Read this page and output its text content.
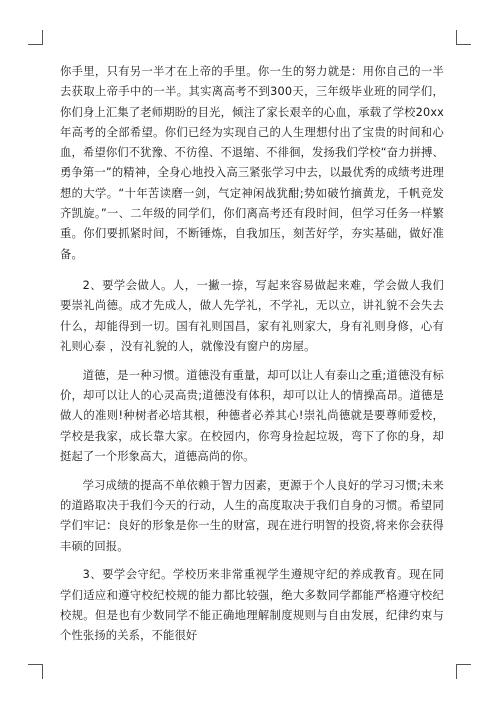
你手里，只有另一半才在上帝的手里。你一生的努力就是：用你自己的一半去获取上帝手中的一半。其实离高考不到300天，三年级毕业班的同学们，你们身上汇集了老师期盼的目光，倾注了家长艰辛的心血，承载了学校20xx年高考的全部希望。你们已经为实现自己的人生理想付出了宝贵的时间和心血，希望你们不犹豫、不彷徨、不退缩、不徘徊，发扬我们学校“奋力拼搏、勇争第一”的精神，全身心地投入高三紧张学习中去，以最优秀的成绩考进理想的大学。“十年苦读磨一剑，气定神闲战犹酣;势如破竹摘黄龙，千帆竞发齐凯旋。”一、二年级的同学们，你们离高考还有段时间，但学习任务一样繁重。你们要抓紧时间，不断锤炼，自我加压，刻苦好学，夯实基础，做好准备。

2、要学会做人。人，一撇一捺，写起来容易做起来难，学会做人我们要崇礼尚德。成才先成人，做人先学礼，不学礼，无以立，讲礼貌不会失去什么，却能得到一切。国有礼则国昌，家有礼则家大，身有礼则身修，心有礼则心泰 ，没有礼貌的人，就像没有窗户的房屋。

道德，是一种习惯。道德没有重量，却可以让人有泰山之重;道德没有标价，却可以让人的心灵高贵;道德没有体积，却可以让人的情操高昂。道德是做人的准则!种树者必培其根，种德者必养其心!崇礼尚德就是要尊师爱校，学校是我家，成长靠大家。在校园内，你弯身捡起垃圾，弯下了你的身，却挺起了一个形象高大，道德高尚的你。

学习成绩的提高不单依赖于智力因素，更源于个人良好的学习习惯;未来的道路取决于我们今天的行动，人生的高度取决于我们自身的习惯。希望同学们牢记：良好的形象是你一生的财富，现在进行明智的投资,将来你会获得丰硕的回报。

3、要学会守纪。学校历来非常重视学生遵规守纪的养成教育。现在同学们适应和遵守校纪校规的能力都比较强，绝大多数同学都能严格遵守校纪校规。但是也有少数同学不能正确地理解制度规则与自由发展，纪律约束与个性张扬的关系，不能很好
